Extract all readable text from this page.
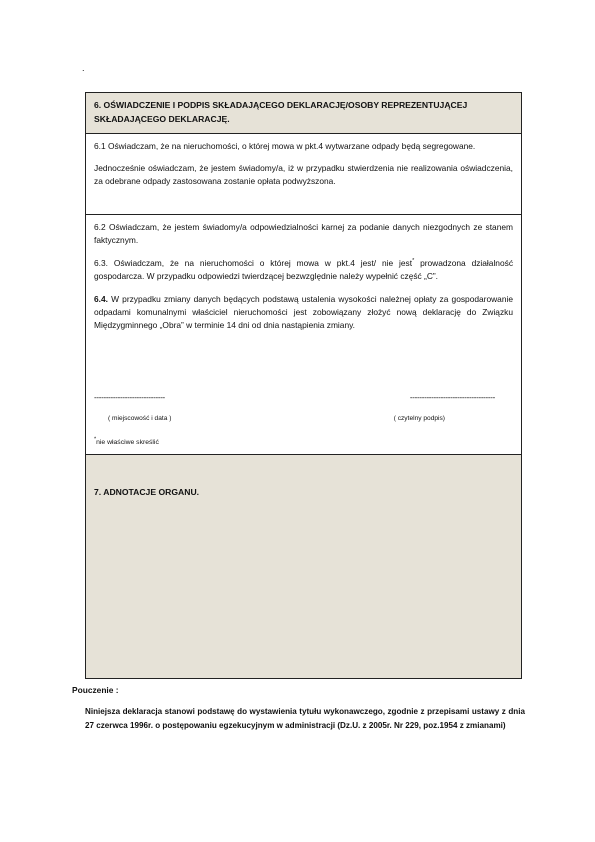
.
6. OŚWIADCZENIE I PODPIS SKŁADAJĄCEGO DEKLARACJĘ/OSOBY REPREZENTUJĄCEJ SKŁADAJĄCEGO DEKLARACJĘ.

6.1 Oświadczam, że na nieruchomości, o której mowa w pkt.4 wytwarzane odpady będą segregowane.

Jednocześnie oświadczam, że jestem świadomy/a, iż w przypadku stwierdzenia nie realizowania oświadczenia, za odebrane odpady zastosowana zostanie opłata podwyższona.

6.2 Oświadczam, że jestem świadomy/a odpowiedzialności karnej za podanie danych niezgodnych ze stanem faktycznym.

6.3. Oświadczam, że na nieruchomości o której mowa w pkt.4 jest/ nie jest* prowadzona działalność gospodarcza. W przypadku odpowiedzi twierdzącej bezwzględnie należy wypełnić część „C”.

6.4. W przypadku zmiany danych będących podstawą ustalenia wysokości należnej opłaty za gospodarowanie odpadami komunalnymi właściciel nieruchomości jest zobowiązany złożyć nową deklarację do Związku Międzygminnego „Obra” w terminie 14 dni od dnia nastąpienia zmiany.

------------------------------	------------------------------------
( miejscowość i data )	( czytelny podpis)
*nie właściwe skreślić
7. ADNOTACJE ORGANU.
Pouczenie :
Niniejsza deklaracja stanowi podstawę do wystawienia tytułu wykonawczego, zgodnie z przepisami ustawy z dnia 27 czerwca 1996r. o postępowaniu egzekucyjnym w administracji (Dz.U. z 2005r. Nr 229, poz.1954 z zmianami)
